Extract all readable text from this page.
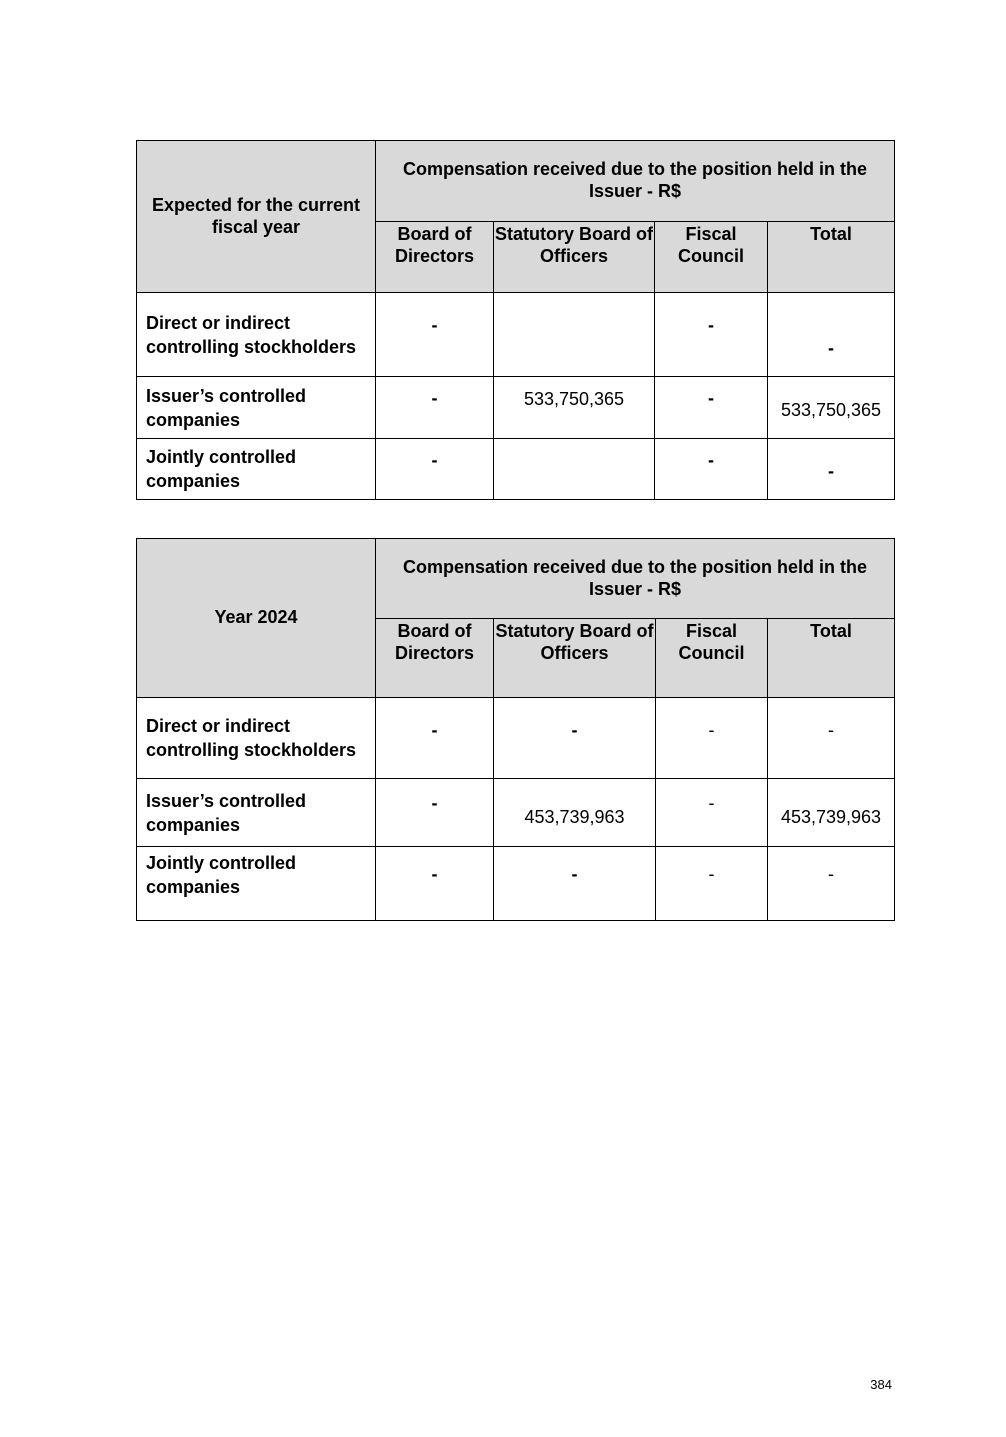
Expected for the current fiscal year	Compensation received due to the position held in the Issuer - R$			
	Board of Directors	Statutory Board of Officers	Fiscal Council	Total
Direct or indirect controlling stockholders	-		-	-
Issuer’s controlled companies	-	533,750,365	-	533,750,365
Jointly controlled companies	-		-	-
Year 2024	Compensation received due to the position held in the Issuer - R$			
	Board of Directors	Statutory Board of Officers	Fiscal Council	Total
Direct or indirect controlling stockholders	-	-	-	-
Issuer’s controlled companies	-	453,739,963	-	453,739,963
Jointly controlled companies	-	-	-	-
384
